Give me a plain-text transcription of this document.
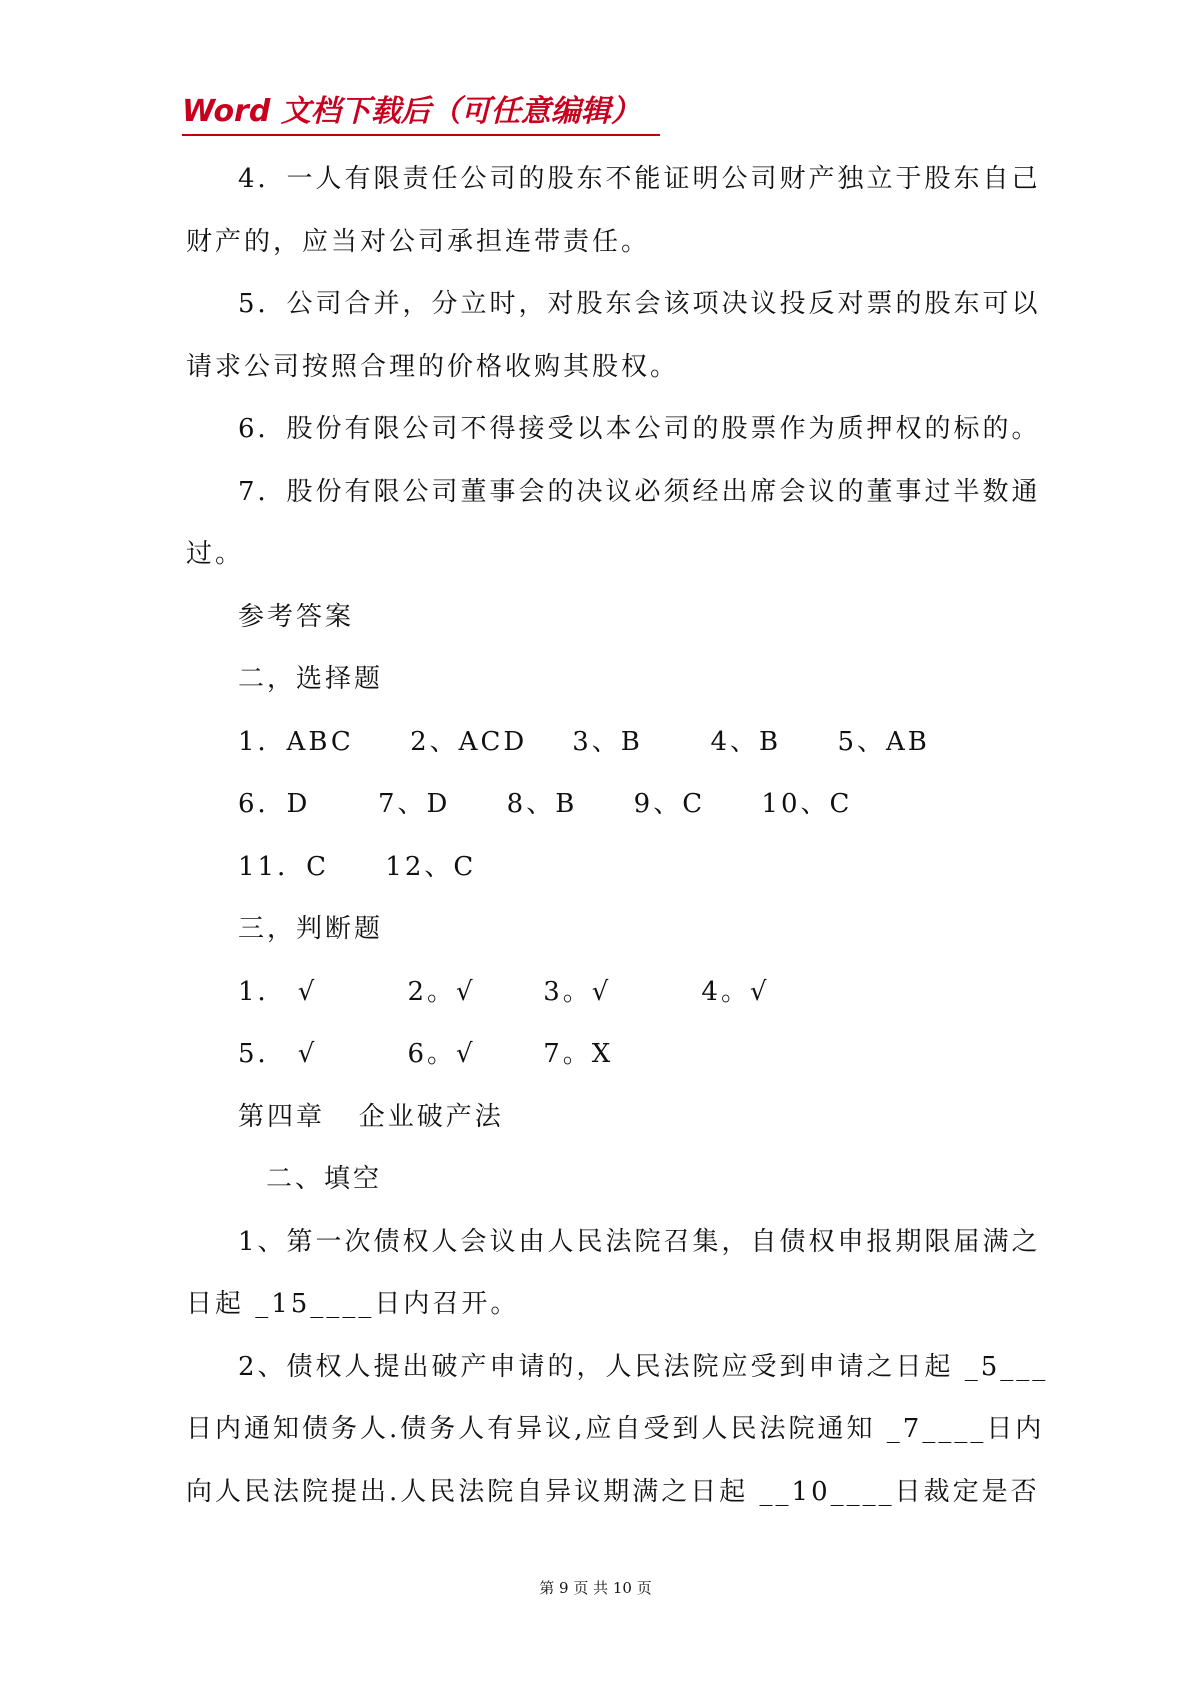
Word 文档下载后（可任意编辑）
4．一人有限责任公司的股东不能证明公司财产独立于股东自己
财产的，应当对公司承担连带责任。
5．公司合并，分立时，对股东会该项决议投反对票的股东可以
请求公司按照合理的价格收购其股权。
6．股份有限公司不得接受以本公司的股票作为质押权的标的。
7．股份有限公司董事会的决议必须经出席会议的董事过半数通
过。
参考答案
二，选择题
1．ABC     2、ACD    3、B      4、B     5、AB
6．D      7、D     8、B     9、C     10、C
11．C     12、C
三，判断题
1． √        2。√      3。√        4。√
5． √        6。√      7。X
第四章   企业破产法
二、填空
1、第一次债权人会议由人民法院召集，自债权申报期限届满之
日起 _15____日内召开。
2、债权人提出破产申请的，人民法院应受到申请之日起 _5___
日内通知债务人.债务人有异议,应自受到人民法院通知 _7____日内
向人民法院提出.人民法院自异议期满之日起 __10____日裁定是否
第 9 页 共 10 页
